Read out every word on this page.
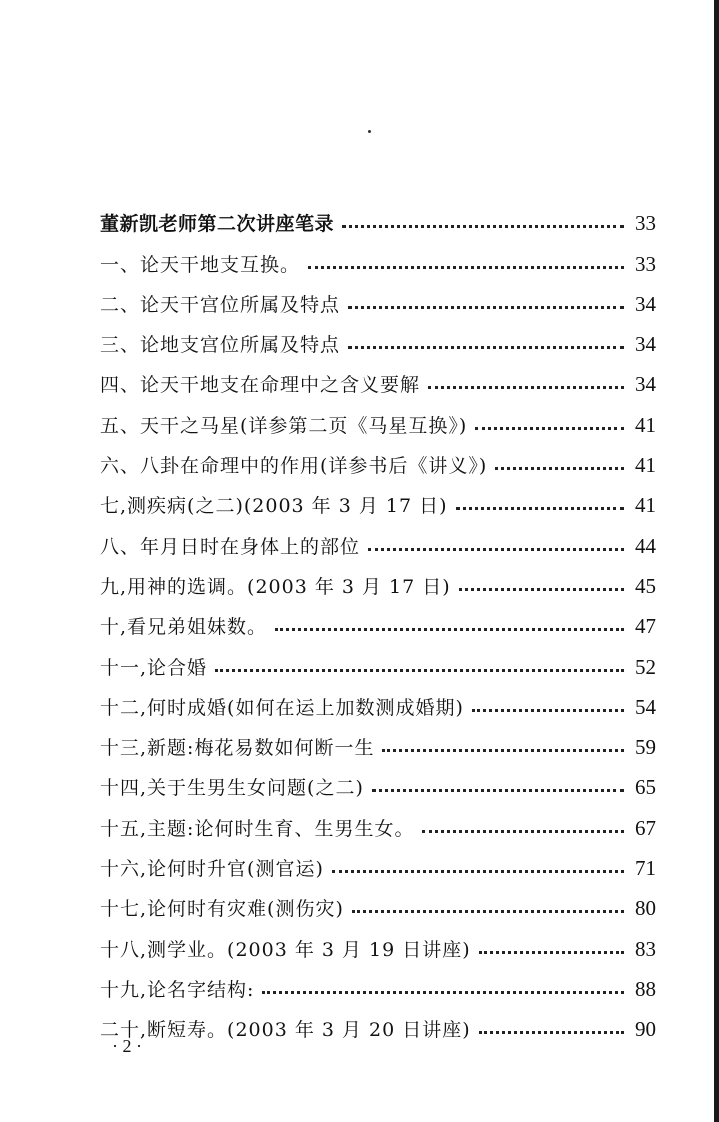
董新凯老师第二次讲座笔录	33
一、论天干地支互换。	33
二、论天干宫位所属及特点	34
三、论地支宫位所属及特点	34
四、论天干地支在命理中之含义要解	34
五、天干之马星(详参第二页《马星互换》)	41
六、八卦在命理中的作用(详参书后《讲义》)	41
七,测疾病(之二)(2003 年 3 月 17 日)	41
八、年月日时在身体上的部位	44
九,用神的选调。(2003 年 3 月 17 日)	45
十,看兄弟姐妹数。	47
十一,论合婚	52
十二,何时成婚(如何在运上加数测成婚期)	54
十三,新题:梅花易数如何断一生	59
十四,关于生男生女问题(之二)	65
十五,主题:论何时生育、生男生女。	67
十六,论何时升官(测官运)	71
十七,论何时有灾难(测伤灾)	80
十八,测学业。(2003 年 3 月 19 日讲座)	83
十九,论名字结构:	88
二十,断短寿。(2003 年 3 月 20 日讲座)	90
· 2 ·
